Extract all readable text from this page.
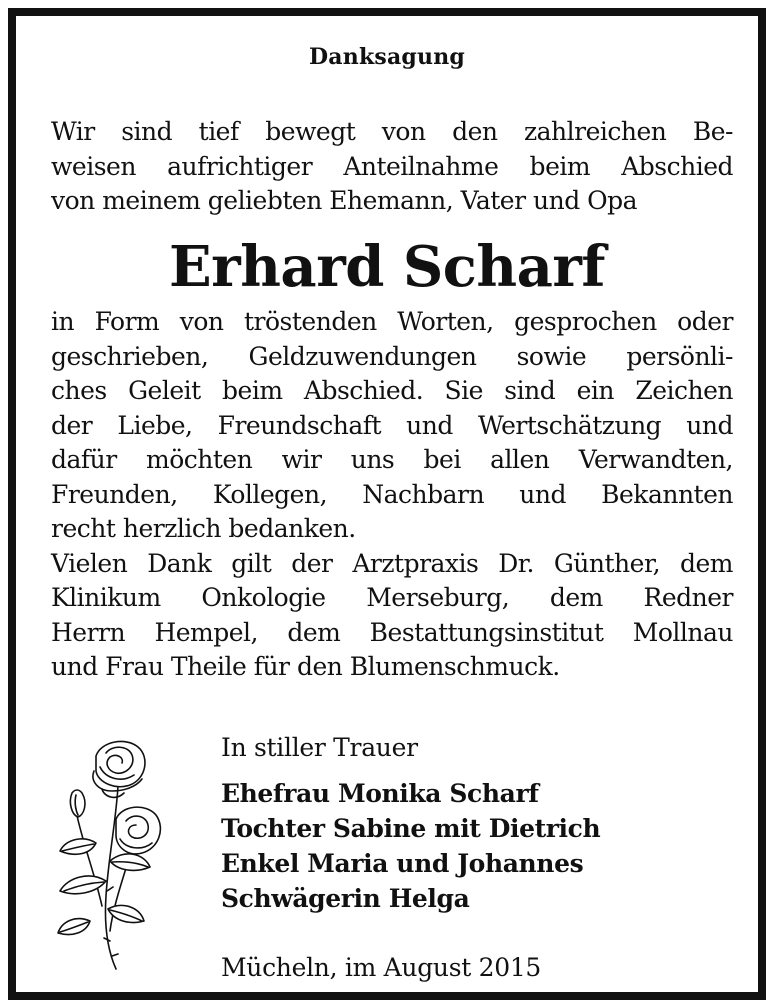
Danksagung
Wir sind tief bewegt von den zahlreichen Be-
weisen aufrichtiger Anteilnahme beim Abschied
von meinem geliebten Ehemann, Vater und Opa
Erhard Scharf
in Form von tröstenden Worten, gesprochen oder
geschrieben, Geldzuwendungen sowie persönli-
ches Geleit beim Abschied. Sie sind ein Zeichen
der Liebe, Freundschaft und Wertschätzung und
dafür möchten wir uns bei allen Verwandten,
Freunden, Kollegen, Nachbarn und Bekannten
recht herzlich bedanken.
Vielen Dank gilt der Arztpraxis Dr. Günther, dem
Klinikum Onkologie Merseburg, dem Redner
Herrn Hempel, dem Bestattungsinstitut Mollnau
und Frau Theile für den Blumenschmuck.
In stiller Trauer
Ehefrau Monika Scharf
Tochter Sabine mit Dietrich
Enkel Maria und Johannes
Schwägerin Helga
Mücheln, im August 2015
